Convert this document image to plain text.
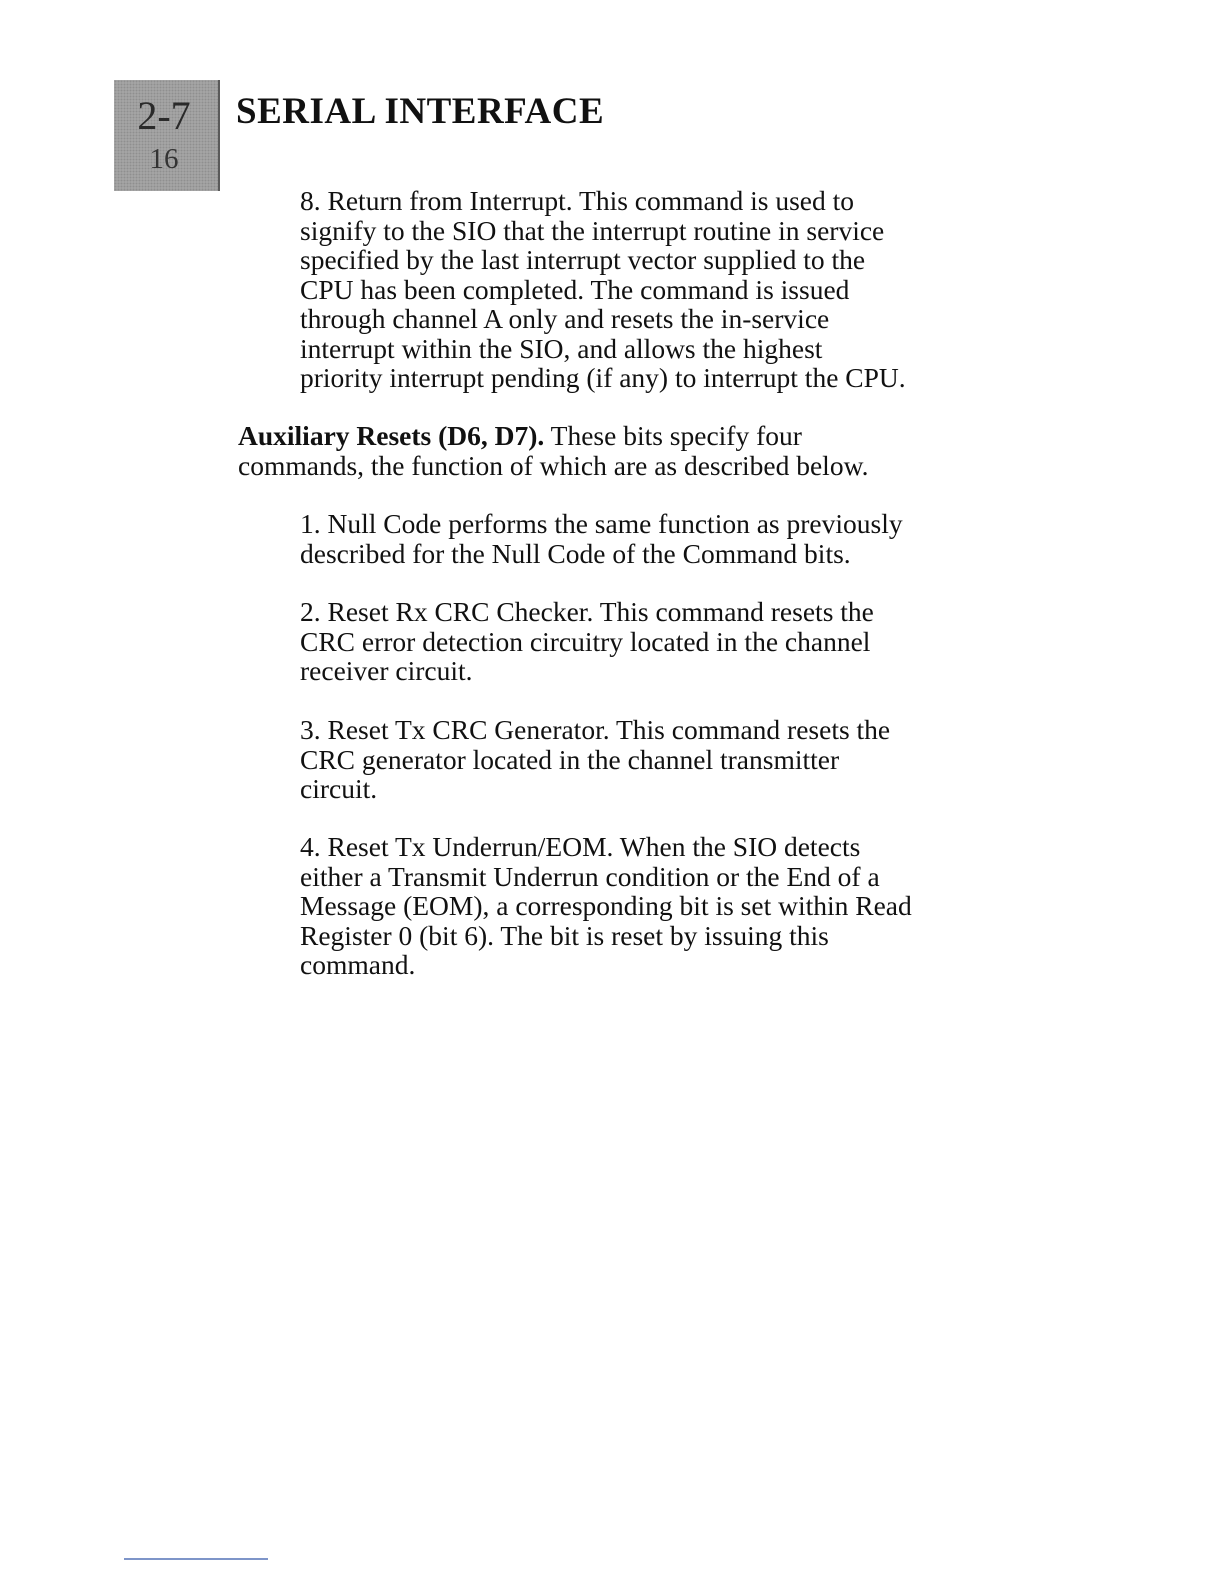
2-7
16
SERIAL INTERFACE
8. Return from Interrupt. This command is used to
signify to the SIO that the interrupt routine in service
specified by the last interrupt vector supplied to the
CPU has been completed. The command is issued
through channel A only and resets the in-service
interrupt within the SIO, and allows the highest
priority interrupt pending (if any) to interrupt the CPU.
Auxiliary Resets (D6, D7). These bits specify four
commands, the function of which are as described below.
1. Null Code performs the same function as previously
described for the Null Code of the Command bits.
2. Reset Rx CRC Checker. This command resets the
CRC error detection circuitry located in the channel
receiver circuit.
3. Reset Tx CRC Generator. This command resets the
CRC generator located in the channel transmitter
circuit.
4. Reset Tx Underrun/EOM. When the SIO detects
either a Transmit Underrun condition or the End of a
Message (EOM), a corresponding bit is set within Read
Register 0 (bit 6). The bit is reset by issuing this
command.
